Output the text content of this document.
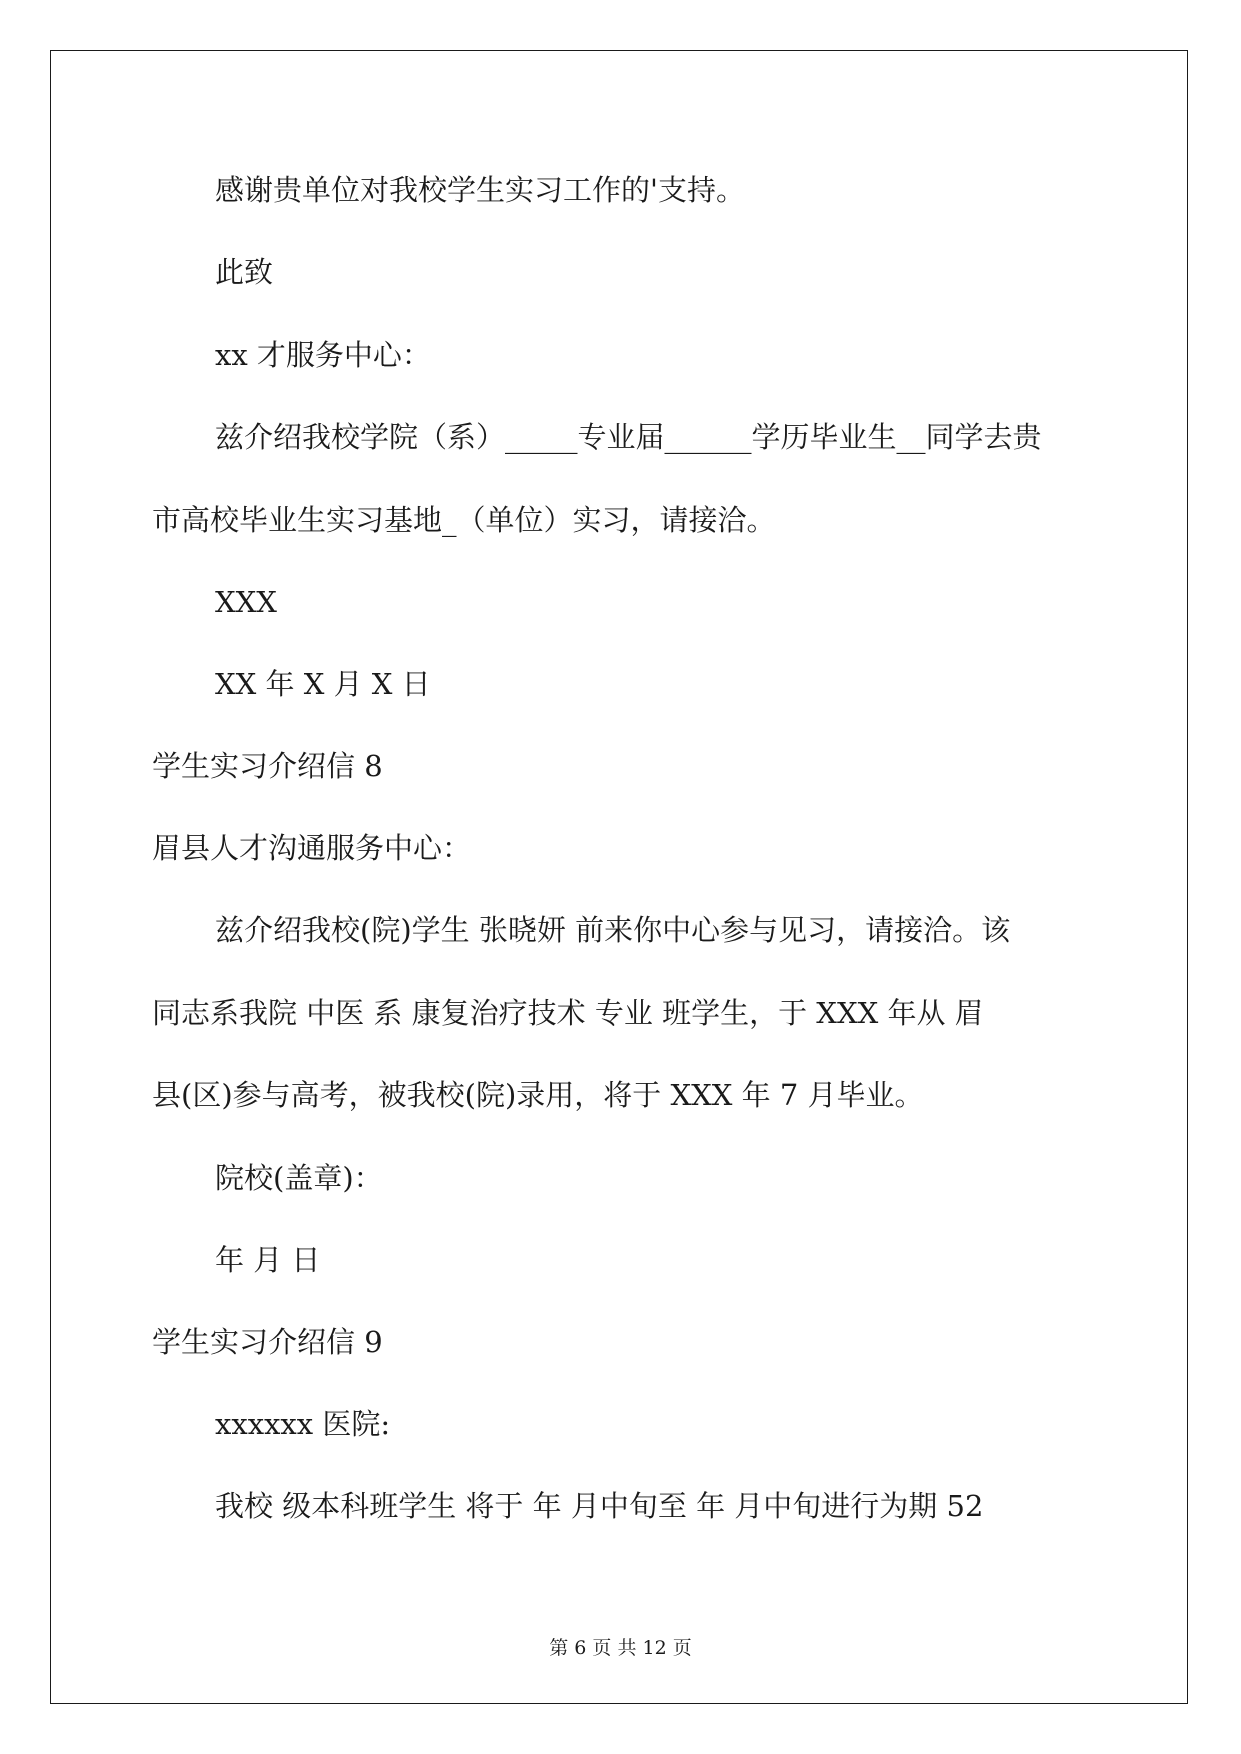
感谢贵单位对我校学生实习工作的'支持。

此致

xx 才服务中心：

兹介绍我校学院（系）_____专业届______学历毕业生__同学去贵

市高校毕业生实习基地_（单位）实习，请接洽。

XXX

XX 年 X 月 X 日

学生实习介绍信 8

眉县人才沟通服务中心：

兹介绍我校(院)学生 张晓妍 前来你中心参与见习，请接洽。该

同志系我院 中医 系 康复治疗技术 专业 班学生，于 XXX 年从 眉

县(区)参与高考，被我校(院)录用，将于 XXX 年 7 月毕业。

院校(盖章)：

年 月 日

学生实习介绍信 9

xxxxxx 医院:

我校 级本科班学生 将于 年 月中旬至 年 月中旬进行为期 52

第 6 页 共 12 页
